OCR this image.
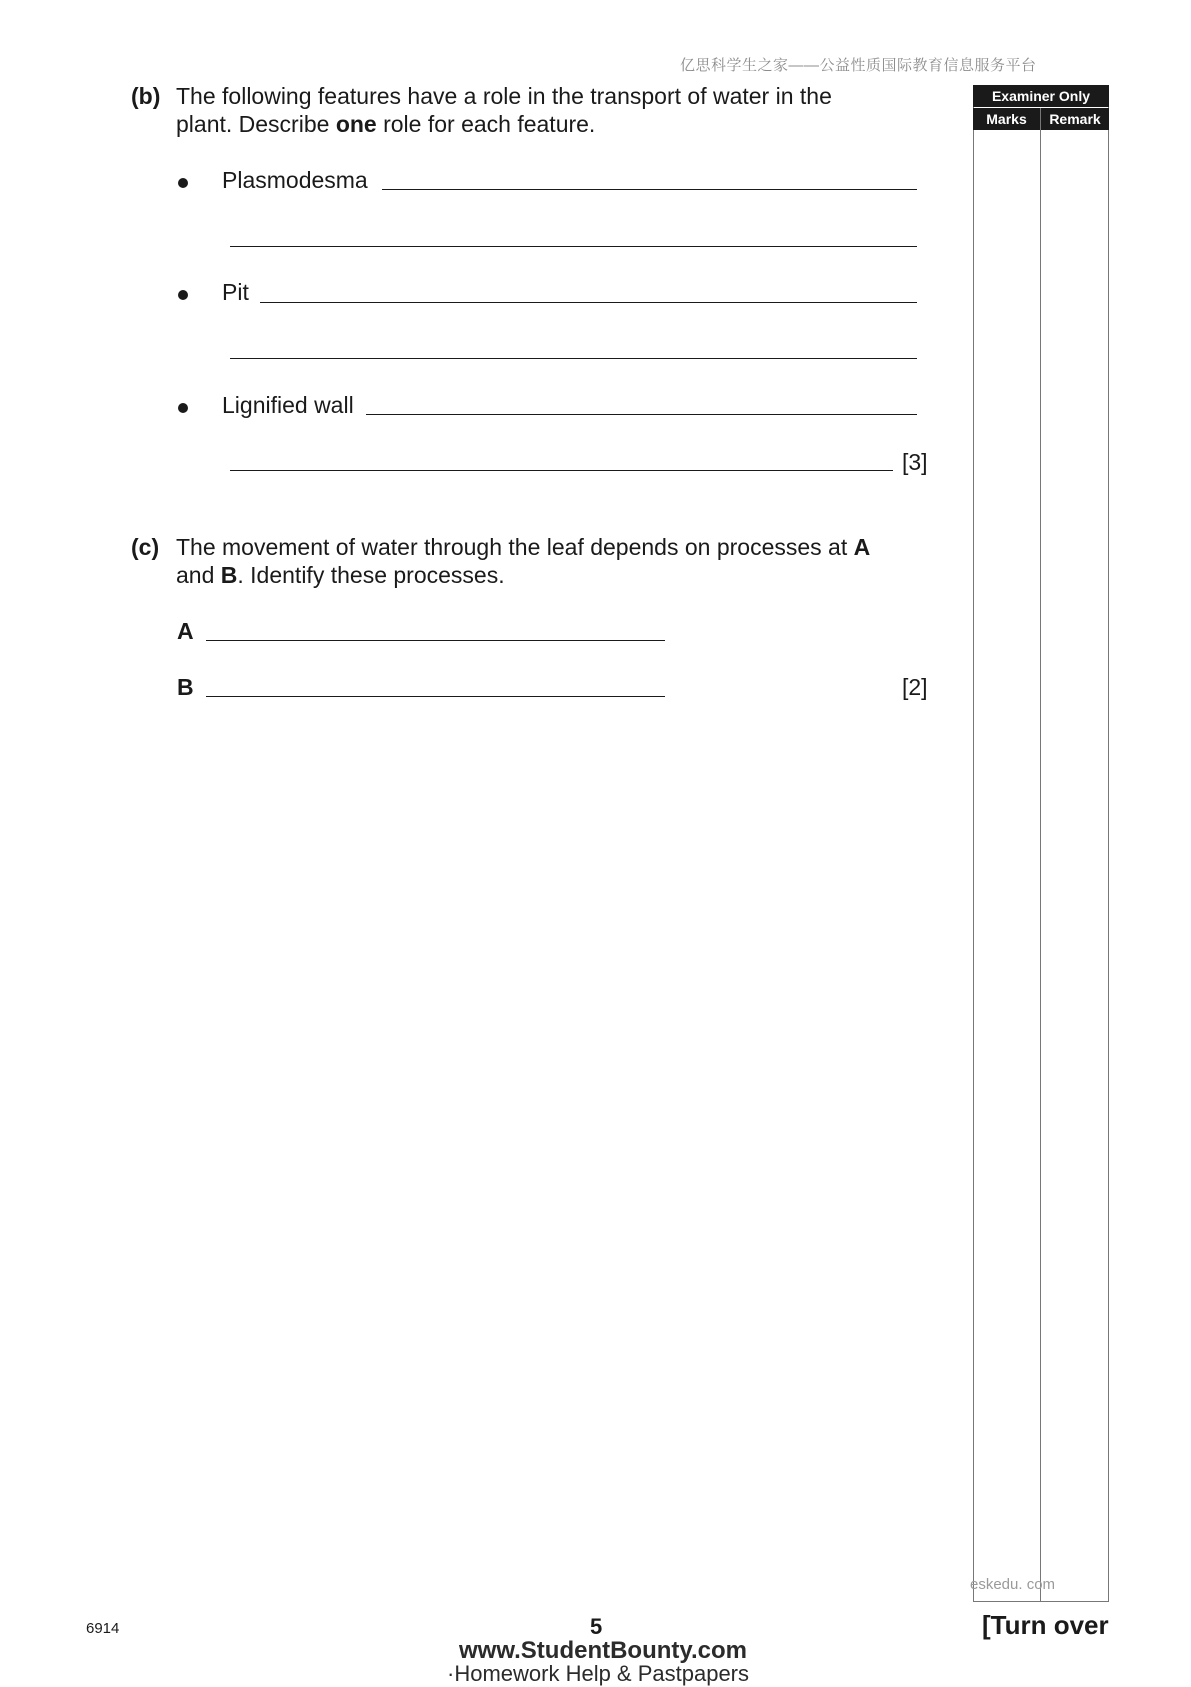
亿思科学生之家——公益性质国际教育信息服务平台
Examiner Only
Marks	Remark
(b) The following features have a role in the transport of water in the
plant. Describe one role for each feature.
Plasmodesma
Pit
Lignified wall
[3]
(c) The movement of water through the leaf depends on processes at A
and B. Identify these processes.
A
B	[2]
eskedu. com
6914	5	[Turn over
www.StudentBounty.com
·Homework Help & Pastpapers
